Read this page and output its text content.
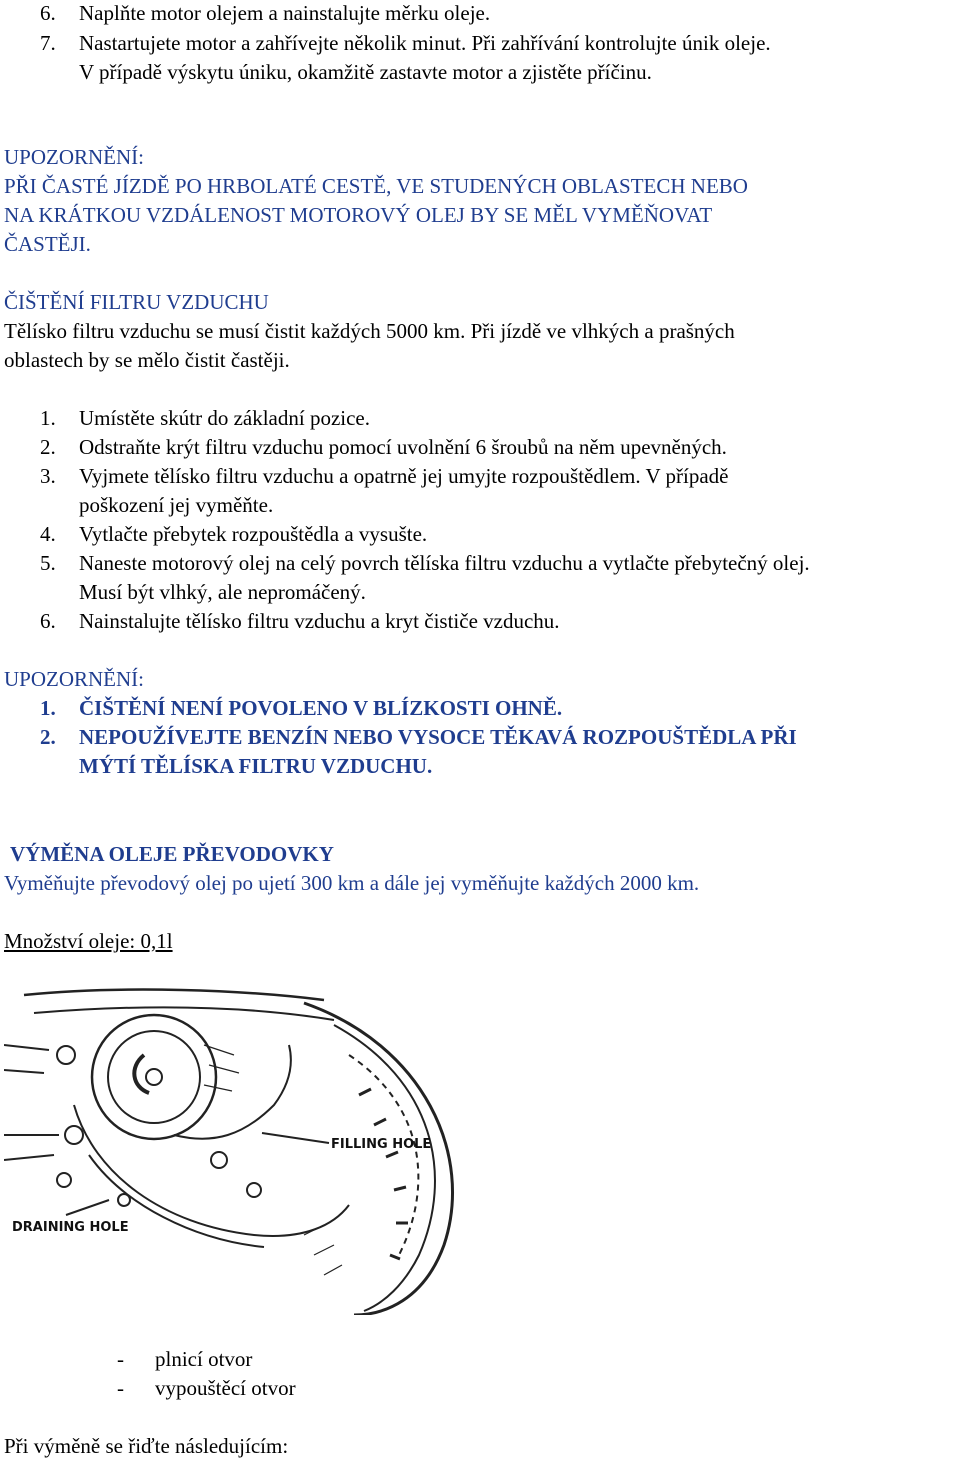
6. Naplňte motor olejem a nainstalujte měrku oleje.
7. Nastartujete motor a zahřívejte několik minut. Při zahřívání kontrolujte únik oleje.
V případě výskytu úniku, okamžitě zastavte motor a zjistěte příčinu.
UPOZORNĚNÍ:
PŘI ČASTÉ JÍZDĚ PO HRBOLATÉ CESTĚ, VE STUDENÝCH OBLASTECH NEBO
NA KRÁTKOU VZDÁLENOST MOTOROVÝ OLEJ BY SE MĚL VYMĚŇOVAT
ČASTĚJI.
ČIŠTĚNÍ FILTRU VZDUCHU
Tělísko filtru vzduchu se musí čistit každých 5000 km. Při jízdě ve vlhkých a prašných
oblastech by se mělo čistit častěji.
1. Umístěte skútr do základní pozice.
2. Odstraňte krýt filtru vzduchu pomocí uvolnění 6 šroubů na něm upevněných.
3. Vyjmete tělísko filtru vzduchu a opatrně jej umyjte rozpouštědlem. V případě
poškození jej vyměňte.
4. Vytlačte přebytek rozpouštědla a vysušte.
5. Naneste motorový olej na celý povrch tělíska filtru vzduchu a vytlačte přebytečný olej.
Musí být vlhký, ale nepromáčený.
6. Nainstalujte tělísko filtru vzduchu a kryt čističe vzduchu.
UPOZORNĚNÍ:
1. ČIŠTĚNÍ NENÍ POVOLENO V BLÍZKOSTI OHNĚ.
2. NEPOUŽÍVEJTE BENZÍN NEBO VYSOCE TĚKAVÁ ROZPOUŠTĚDLA PŘI
MÝTÍ TĚLÍSKA FILTRU VZDUCHU.
VÝMĚNA OLEJE PŘEVODOVKY
Vyměňujte převodový olej po ujetí 300 km a dále jej vyměňujte každých 2000 km.
Množství oleje: 0,1l
FILLING HOLE
DRAINING HOLE
- plnicí otvor
- vypouštěcí otvor
Při výměně se řiďte následujícím:
